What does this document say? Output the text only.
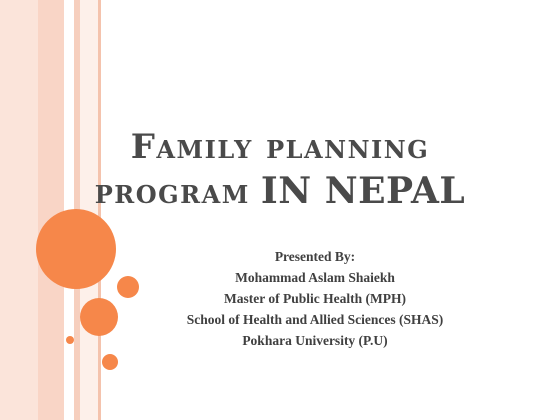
Family planning
program IN NEPAL
Presented By:
Mohammad Aslam Shaiekh
Master of Public Health (MPH)
School of Health and Allied Sciences (SHAS)
Pokhara University (P.U)
